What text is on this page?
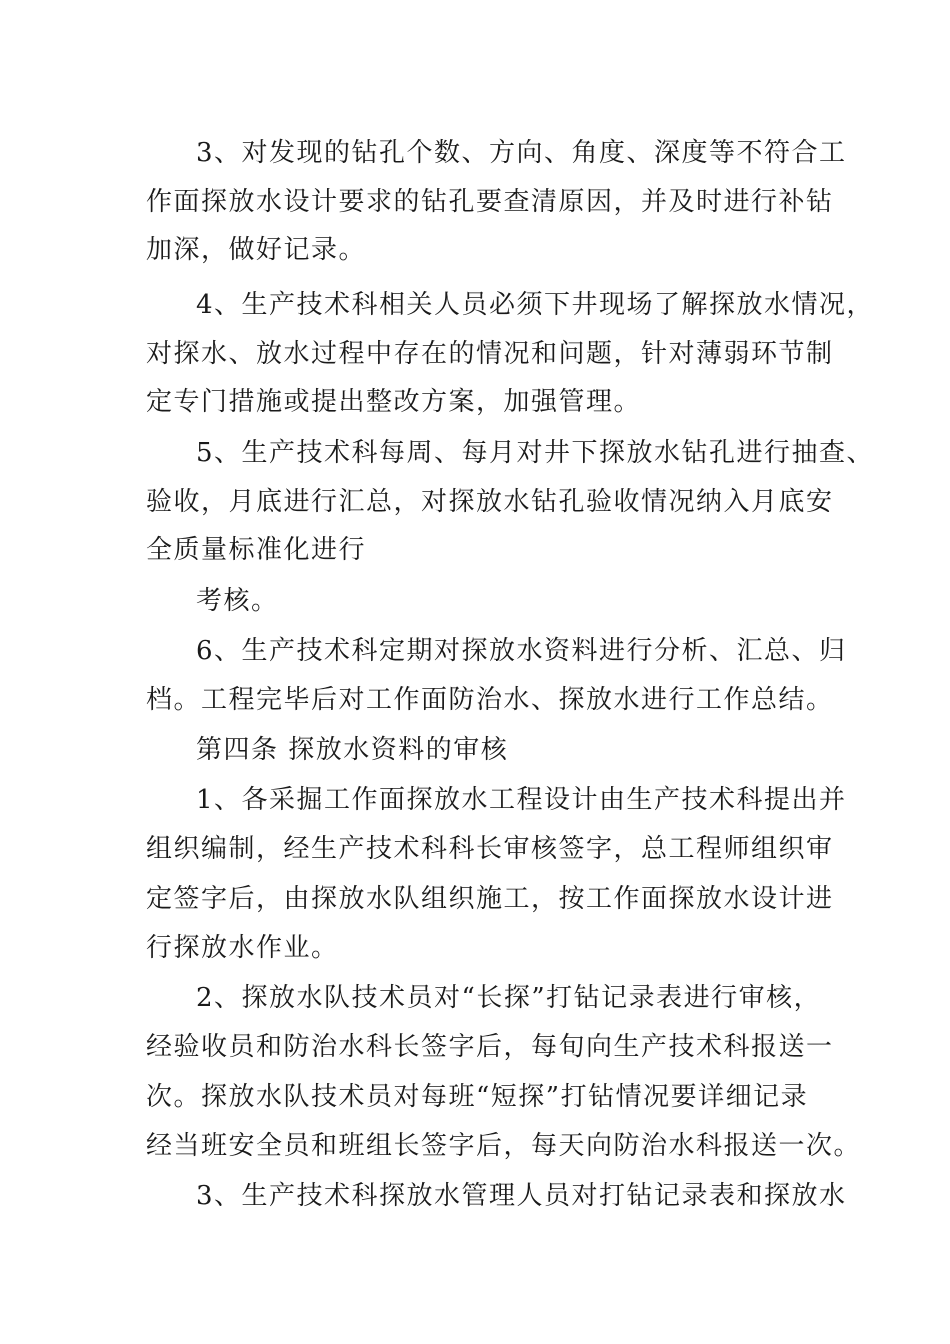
3、对发现的钻孔个数、方向、角度、深度等不符合工
作面探放水设计要求的钻孔要查清原因，并及时进行补钻
加深，做好记录。
4、生产技术科相关人员必须下井现场了解探放水情况，
对探水、放水过程中存在的情况和问题，针对薄弱环节制
定专门措施或提出整改方案，加强管理。
5、生产技术科每周、每月对井下探放水钻孔进行抽查、
验收，月底进行汇总，对探放水钻孔验收情况纳入月底安
全质量标准化进行
考核。
6、生产技术科定期对探放水资料进行分析、汇总、归
档。工程完毕后对工作面防治水、探放水进行工作总结。
第四条 探放水资料的审核
1、各采掘工作面探放水工程设计由生产技术科提出并
组织编制，经生产技术科科长审核签字，总工程师组织审
定签字后，由探放水队组织施工，按工作面探放水设计进
行探放水作业。
2、探放水队技术员对“长探”打钻记录表进行审核，
经验收员和防治水科长签字后，每旬向生产技术科报送一
次。探放水队技术员对每班“短探”打钻情况要详细记录
经当班安全员和班组长签字后，每天向防治水科报送一次。
3、生产技术科探放水管理人员对打钻记录表和探放水
